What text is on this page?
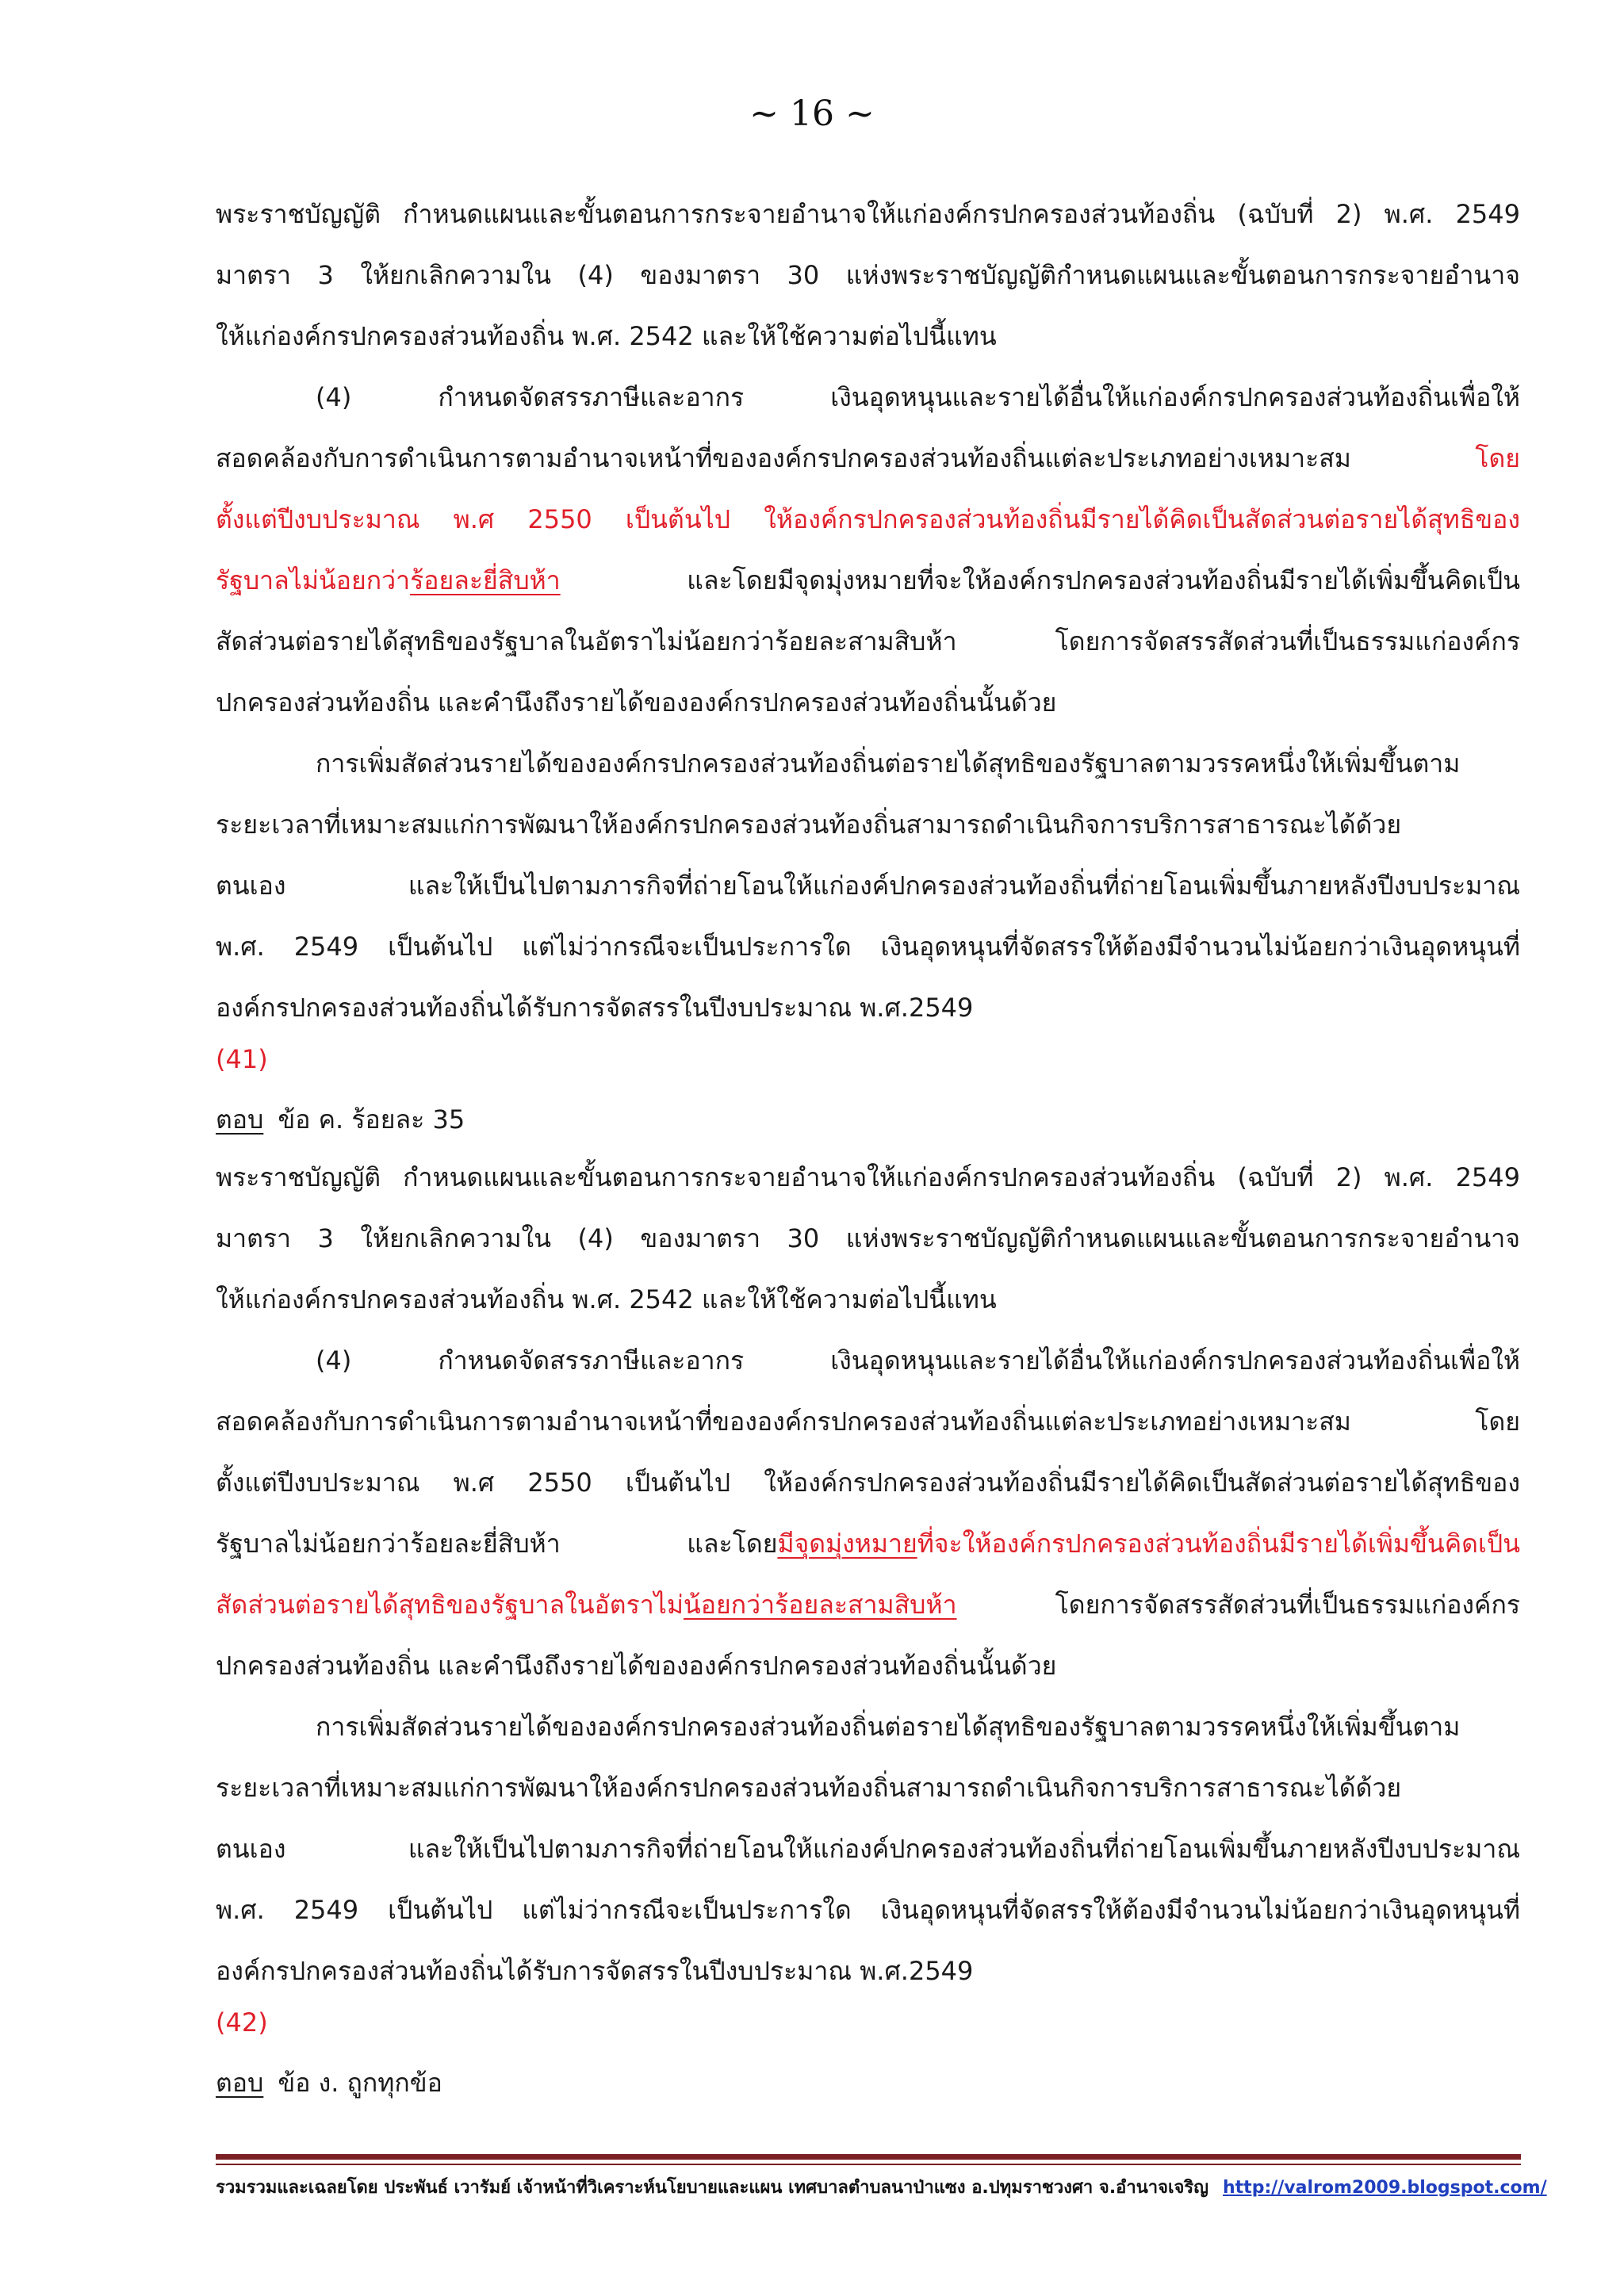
~ 16 ~
พระราชบัญญัติ กำหนดแผนและขั้นตอนการกระจายอำนาจให้แก่องค์กรปกครองส่วนท้องถิ่น (ฉบับที่ 2) พ.ศ. 2549
มาตรา 3 ให้ยกเลิกความใน (4) ของมาตรา 30 แห่งพระราชบัญญัติกำหนดแผนและขั้นตอนการกระจายอำนาจ
ให้แก่องค์กรปกครองส่วนท้องถิ่น พ.ศ. 2542 และให้ใช้ความต่อไปนี้แทน
(4) กำหนดจัดสรรภาษีและอากร เงินอุดหนุนและรายได้อื่นให้แก่องค์กรปกครองส่วนท้องถิ่นเพื่อให้
สอดคล้องกับการดำเนินการตามอำนาจเหน้าที่ขององค์กรปกครองส่วนท้องถิ่นแต่ละประเภทอย่างเหมาะสม โดย
ตั้งแต่ปีงบประมาณ พ.ศ 2550 เป็นต้นไป ให้องค์กรปกครองส่วนท้องถิ่นมีรายได้คิดเป็นสัดส่วนต่อรายได้สุทธิของ
รัฐบาลไม่น้อยกว่าร้อยละยี่สิบห้า และโดยมีจุดมุ่งหมายที่จะให้องค์กรปกครองส่วนท้องถิ่นมีรายได้เพิ่มขึ้นคิดเป็น
สัดส่วนต่อรายได้สุทธิของรัฐบาลในอัตราไม่น้อยกว่าร้อยละสามสิบห้า โดยการจัดสรรสัดส่วนที่เป็นธรรมแก่องค์กร
ปกครองส่วนท้องถิ่น และคำนึงถึงรายได้ขององค์กรปกครองส่วนท้องถิ่นนั้นด้วย
การเพิ่มสัดส่วนรายได้ขององค์กรปกครองส่วนท้องถิ่นต่อรายได้สุทธิของรัฐบาลตามวรรคหนึ่งให้เพิ่มขึ้นตาม
ระยะเวลาที่เหมาะสมแก่การพัฒนาให้องค์กรปกครองส่วนท้องถิ่นสามารถดำเนินกิจการบริการสาธารณะได้ด้วย
ตนเอง และให้เป็นไปตามภารกิจที่ถ่ายโอนให้แก่องค์ปกครองส่วนท้องถิ่นที่ถ่ายโอนเพิ่มขึ้นภายหลังปีงบประมาณ
พ.ศ. 2549 เป็นต้นไป แต่ไม่ว่ากรณีจะเป็นประการใด เงินอุดหนุนที่จัดสรรให้ต้องมีจำนวนไม่น้อยกว่าเงินอุดหนุนที่
องค์กรปกครองส่วนท้องถิ่นได้รับการจัดสรรในปีงบประมาณ พ.ศ.2549
(41)
ตอบ ข้อ ค. ร้อยละ 35
พระราชบัญญัติ กำหนดแผนและขั้นตอนการกระจายอำนาจให้แก่องค์กรปกครองส่วนท้องถิ่น (ฉบับที่ 2) พ.ศ. 2549
มาตรา 3 ให้ยกเลิกความใน (4) ของมาตรา 30 แห่งพระราชบัญญัติกำหนดแผนและขั้นตอนการกระจายอำนาจ
ให้แก่องค์กรปกครองส่วนท้องถิ่น พ.ศ. 2542 และให้ใช้ความต่อไปนี้แทน
(4) กำหนดจัดสรรภาษีและอากร เงินอุดหนุนและรายได้อื่นให้แก่องค์กรปกครองส่วนท้องถิ่นเพื่อให้
สอดคล้องกับการดำเนินการตามอำนาจเหน้าที่ขององค์กรปกครองส่วนท้องถิ่นแต่ละประเภทอย่างเหมาะสม โดย
ตั้งแต่ปีงบประมาณ พ.ศ 2550 เป็นต้นไป ให้องค์กรปกครองส่วนท้องถิ่นมีรายได้คิดเป็นสัดส่วนต่อรายได้สุทธิของ
รัฐบาลไม่น้อยกว่าร้อยละยี่สิบห้า และโดยมีจุดมุ่งหมายที่จะให้องค์กรปกครองส่วนท้องถิ่นมีรายได้เพิ่มขึ้นคิดเป็น
สัดส่วนต่อรายได้สุทธิของรัฐบาลในอัตราไม่น้อยกว่าร้อยละสามสิบห้า โดยการจัดสรรสัดส่วนที่เป็นธรรมแก่องค์กร
ปกครองส่วนท้องถิ่น และคำนึงถึงรายได้ขององค์กรปกครองส่วนท้องถิ่นนั้นด้วย
การเพิ่มสัดส่วนรายได้ขององค์กรปกครองส่วนท้องถิ่นต่อรายได้สุทธิของรัฐบาลตามวรรคหนึ่งให้เพิ่มขึ้นตาม
ระยะเวลาที่เหมาะสมแก่การพัฒนาให้องค์กรปกครองส่วนท้องถิ่นสามารถดำเนินกิจการบริการสาธารณะได้ด้วย
ตนเอง และให้เป็นไปตามภารกิจที่ถ่ายโอนให้แก่องค์ปกครองส่วนท้องถิ่นที่ถ่ายโอนเพิ่มขึ้นภายหลังปีงบประมาณ
พ.ศ. 2549 เป็นต้นไป แต่ไม่ว่ากรณีจะเป็นประการใด เงินอุดหนุนที่จัดสรรให้ต้องมีจำนวนไม่น้อยกว่าเงินอุดหนุนที่
องค์กรปกครองส่วนท้องถิ่นได้รับการจัดสรรในปีงบประมาณ พ.ศ.2549
(42)
ตอบ ข้อ ง. ถูกทุกข้อ
รวมรวมและเฉลยโดย ประพันธ์ เวารัมย์ เจ้าหน้าที่วิเคราะห์นโยบายและแผน เทศบาลตำบลนาป่าแซง อ.ปทุมราชวงศา จ.อำนาจเจริญ http://valrom2009.blogspot.com/
